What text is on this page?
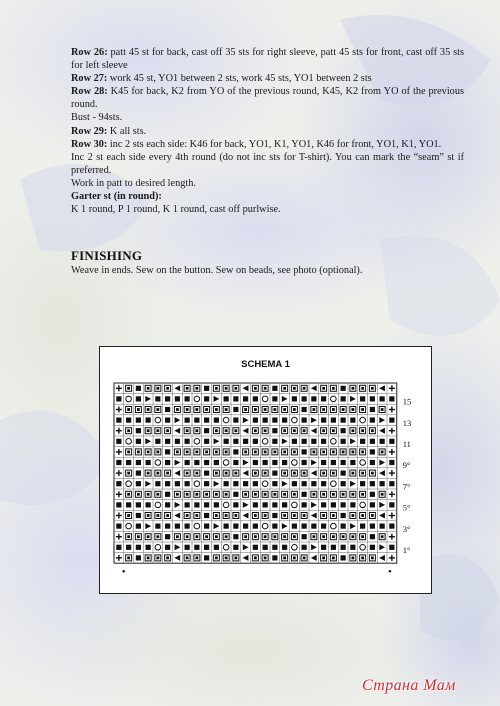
Row 26: patt 45 st for back, cast off 35 sts for right sleeve, patt 45 sts for front, cast off 35 sts for left sleeve

Row 27: work 45 st, YO1 between 2 sts, work 45 sts, YO1 between 2 sts

Row 28: K45 for back, K2 from YO of the previous round, K45, K2 from YO of the previous round.

Bust - 94sts.

Row 29: K all sts.

Row 30: inc 2 sts each side: K46 for back, YO1, K1, YO1, K46 for front, YO1, K1, YO1.

Inc 2 st each side every 4th round (do not inc sts for T-shirt). You can mark the “seam” st if preferred.

Work in patt to desired length.

Garter st (in round):

K 1 round, P 1 round, K 1 round, cast off purlwise.

FINISHING
Weave in ends. Sew on the button. Sew on beads, see photo (optional).
SCHEMA 1
15
13
11
9°
7°
5°
3°
1°
•	•
Страна Мам
